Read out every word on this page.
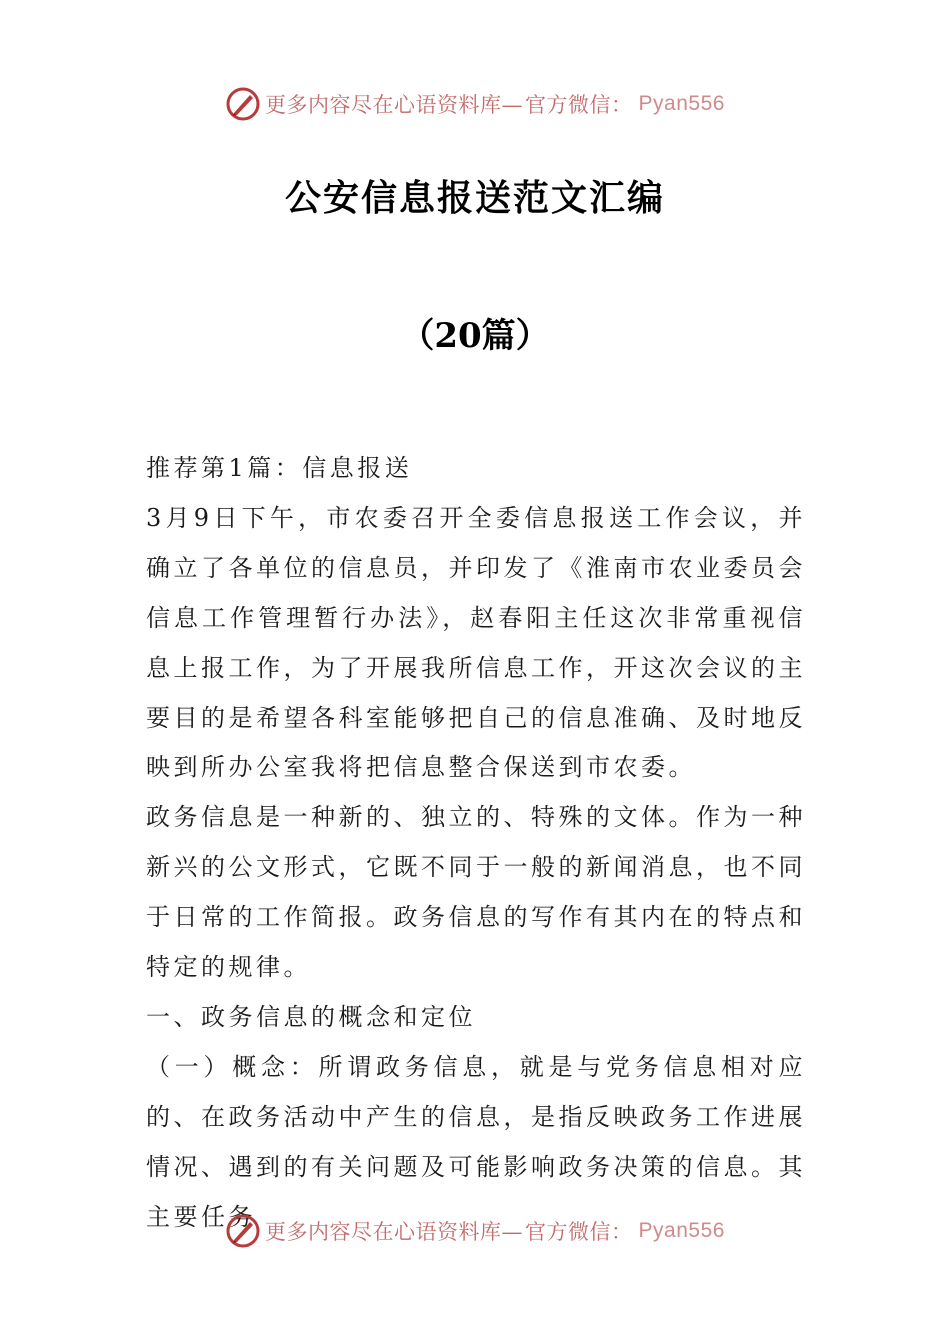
更多内容尽在心语资料库— 官方微信： Pyan556
公安信息报送范文汇编
（20篇）

推荐第1篇：信息报送

3月9日下午，市农委召开全委信息报送工作会议，并确立了各单位的信息员，并印发了《淮南市农业委员会信息工作管理暂行办法》，赵春阳主任这次非常重视信息上报工作，为了开展我所信息工作，开这次会议的主要目的是希望各科室能够把自己的信息准确、及时地反映到所办公室我将把信息整合保送到市农委。

政务信息是一种新的、独立的、特殊的文体。作为一种新兴的公文形式，它既不同于一般的新闻消息，也不同于日常的工作简报。政务信息的写作有其内在的特点和特定的规律。

一、政务信息的概念和定位

（一）概念：所谓政务信息，就是与党务信息相对应的、在政务活动中产生的信息，是指反映政务工作进展情况、遇到的有关问题及可能影响政务决策的信息。其主要任务

更多内容尽在心语资料库— 官方微信： Pyan556
